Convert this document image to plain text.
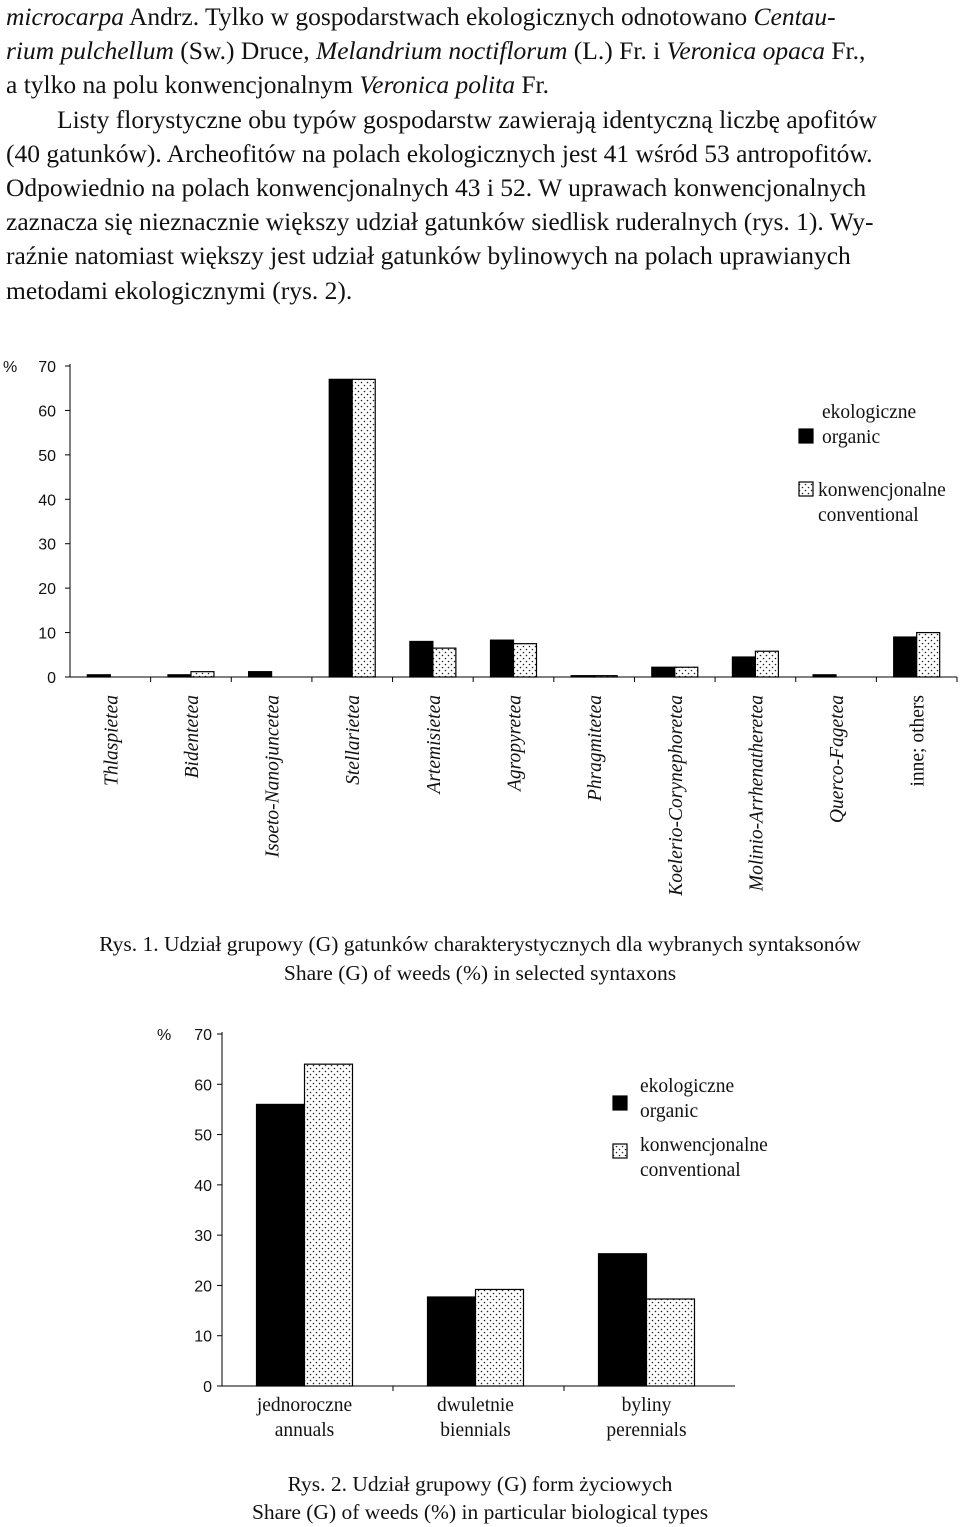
microcarpa Andrz. Tylko w gospodarstwach ekologicznych odnotowano Centau-
rium pulchellum (Sw.) Druce, Melandrium noctiflorum (L.) Fr. i Veronica opaca Fr.,
a tylko na polu konwencjonalnym Veronica polita Fr.
  Listy florystyczne obu typów gospodarstw zawierają identyczną liczbę apofitów
(40 gatunków). Archeofitów na polach ekologicznych jest 41 wśród 53 antropofitów.
Odpowiednio na polach konwencjonalnych 43 i 52. W uprawach konwencjonalnych
zaznacza się nieznacznie większy udział gatunków siedlisk ruderalnych (rys. 1). Wy-
raźnie natomiast większy jest udział gatunków bylinowych na polach uprawianych
metodami ekologicznymi (rys. 2).
%
0
10
20
30
40
50
60
70
Thlaspietea	Bidentetea	Isoeto-Nanojuncetea	Stellarietea	Artemisietea	Agropyretea	Phragmitetea	Koelerio-Corynephoretea	Molinio-Arrhenatheretea	Querco-Fagetea	inne; others
ekologiczne
organic
konwencjonalne
conventional
Rys. 1. Udział grupowy (G) gatunków charakterystycznych dla wybranych syntaksonów
Share (G) of weeds (%) in selected syntaxons
%
0
10
20
30
40
50
60
70
jednoroczne
annuals
dwuletnie
biennials
byliny
perennials
ekologiczne
organic
konwencjonalne
conventional
Rys. 2. Udział grupowy (G) form życiowych
Share (G) of weeds (%) in particular biological types
